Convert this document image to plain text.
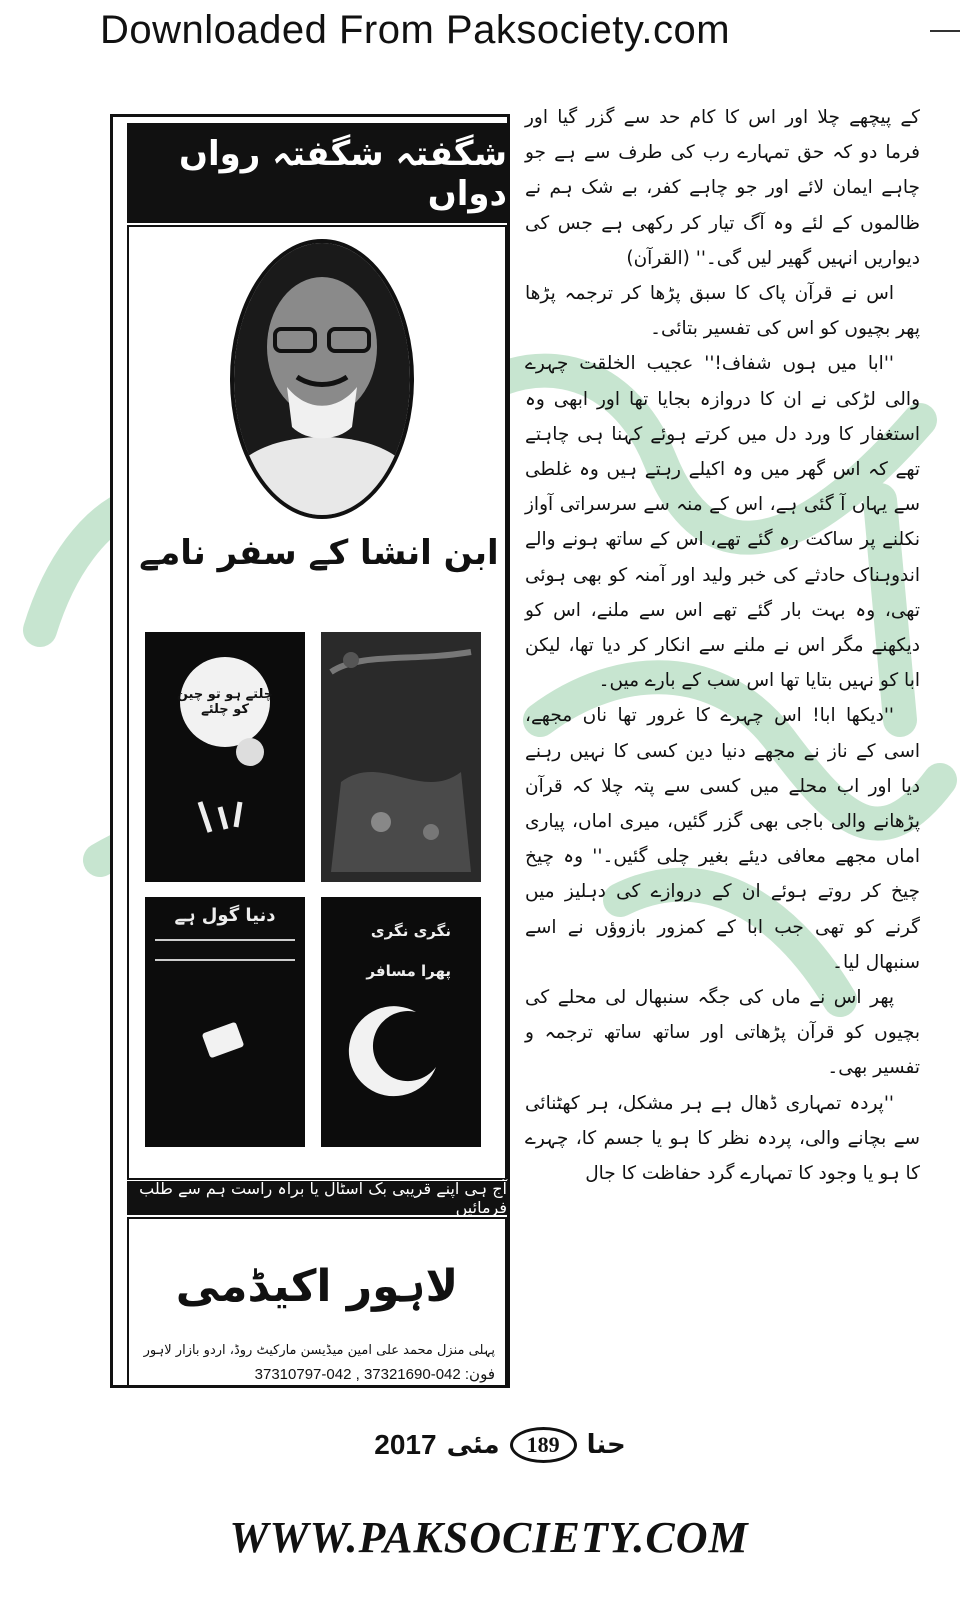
Downloaded From Paksociety.com
شگفتہ شگفتہ رواں دواں
ابن انشا کے سفر نامے
چلتے ہو تو چین کو چلئے
دنیا گول ہے
نگری نگری پھرا مسافر
آج ہی اپنے قریبی بک اسٹال یا براہ راست ہم سے طلب فرمائیں
لاہور اکیڈمی
پہلی منزل محمد علی امین میڈیسن مارکیٹ روڈ، اردو بازار لاہور
فون: 042-37321690 , 042-37310797

کے پیچھے چلا اور اس کا کام حد سے گزر گیا اور فرما دو کہ حق تمہارے رب کی طرف سے ہے جو چاہے ایمان لائے اور جو چاہے کفر، بے شک ہم نے ظالموں کے لئے وہ آگ تیار کر رکھی ہے جس کی دیواریں انہیں گھیر لیں گی۔'' (القرآن)

اس نے قرآن پاک کا سبق پڑھا کر ترجمہ پڑھا پھر بچیوں کو اس کی تفسیر بتائی۔

''ابا میں ہوں شفاف!'' عجیب الخلقت چہرے والی لڑکی نے ان کا دروازہ بجایا تھا اور ابھی وہ استغفار کا ورد دل میں کرتے ہوئے کہنا ہی چاہتے تھے کہ اس گھر میں وہ اکیلے رہتے ہیں وہ غلطی سے یہاں آ گئی ہے، اس کے منہ سے سرسراتی آواز نکلنے پر ساکت رہ گئے تھے، اس کے ساتھ ہونے والے اندوہناک حادثے کی خبر ولید اور آمنہ کو بھی ہوئی تھی، وہ بہت بار گئے تھے اس سے ملنے، اس کو دیکھنے مگر اس نے ملنے سے انکار کر دیا تھا، لیکن ابا کو نہیں بتایا تھا اس سب کے بارے میں۔

''دیکھا ابا! اس چہرے کا غرور تھا ناں مجھے، اسی کے ناز نے مجھے دنیا دین کسی کا نہیں رہنے دیا اور اب محلے میں کسی سے پتہ چلا کہ قرآن پڑھانے والی باجی بھی گزر گئیں، میری اماں، پیاری اماں مجھے معافی دیئے بغیر چلی گئیں۔'' وہ چیخ چیخ کر روتے ہوئے ان کے دروازے کی دہلیز میں گرنے کو تھی جب ابا کے کمزور بازوؤں نے اسے سنبھال لیا۔

پھر اس نے ماں کی جگہ سنبھال لی محلے کی بچیوں کو قرآن پڑھاتی اور ساتھ ساتھ ترجمہ و تفسیر بھی۔

''پردہ تمہاری ڈھال ہے ہر مشکل، ہر کھٹنائی سے بچانے والی، پردہ نظر کا ہو یا جسم کا، چہرے کا ہو یا وجود کا تمہارے گرد حفاظت کا جال

2017 مئی	189	حنا
WWW.PAKSOCIETY.COM
